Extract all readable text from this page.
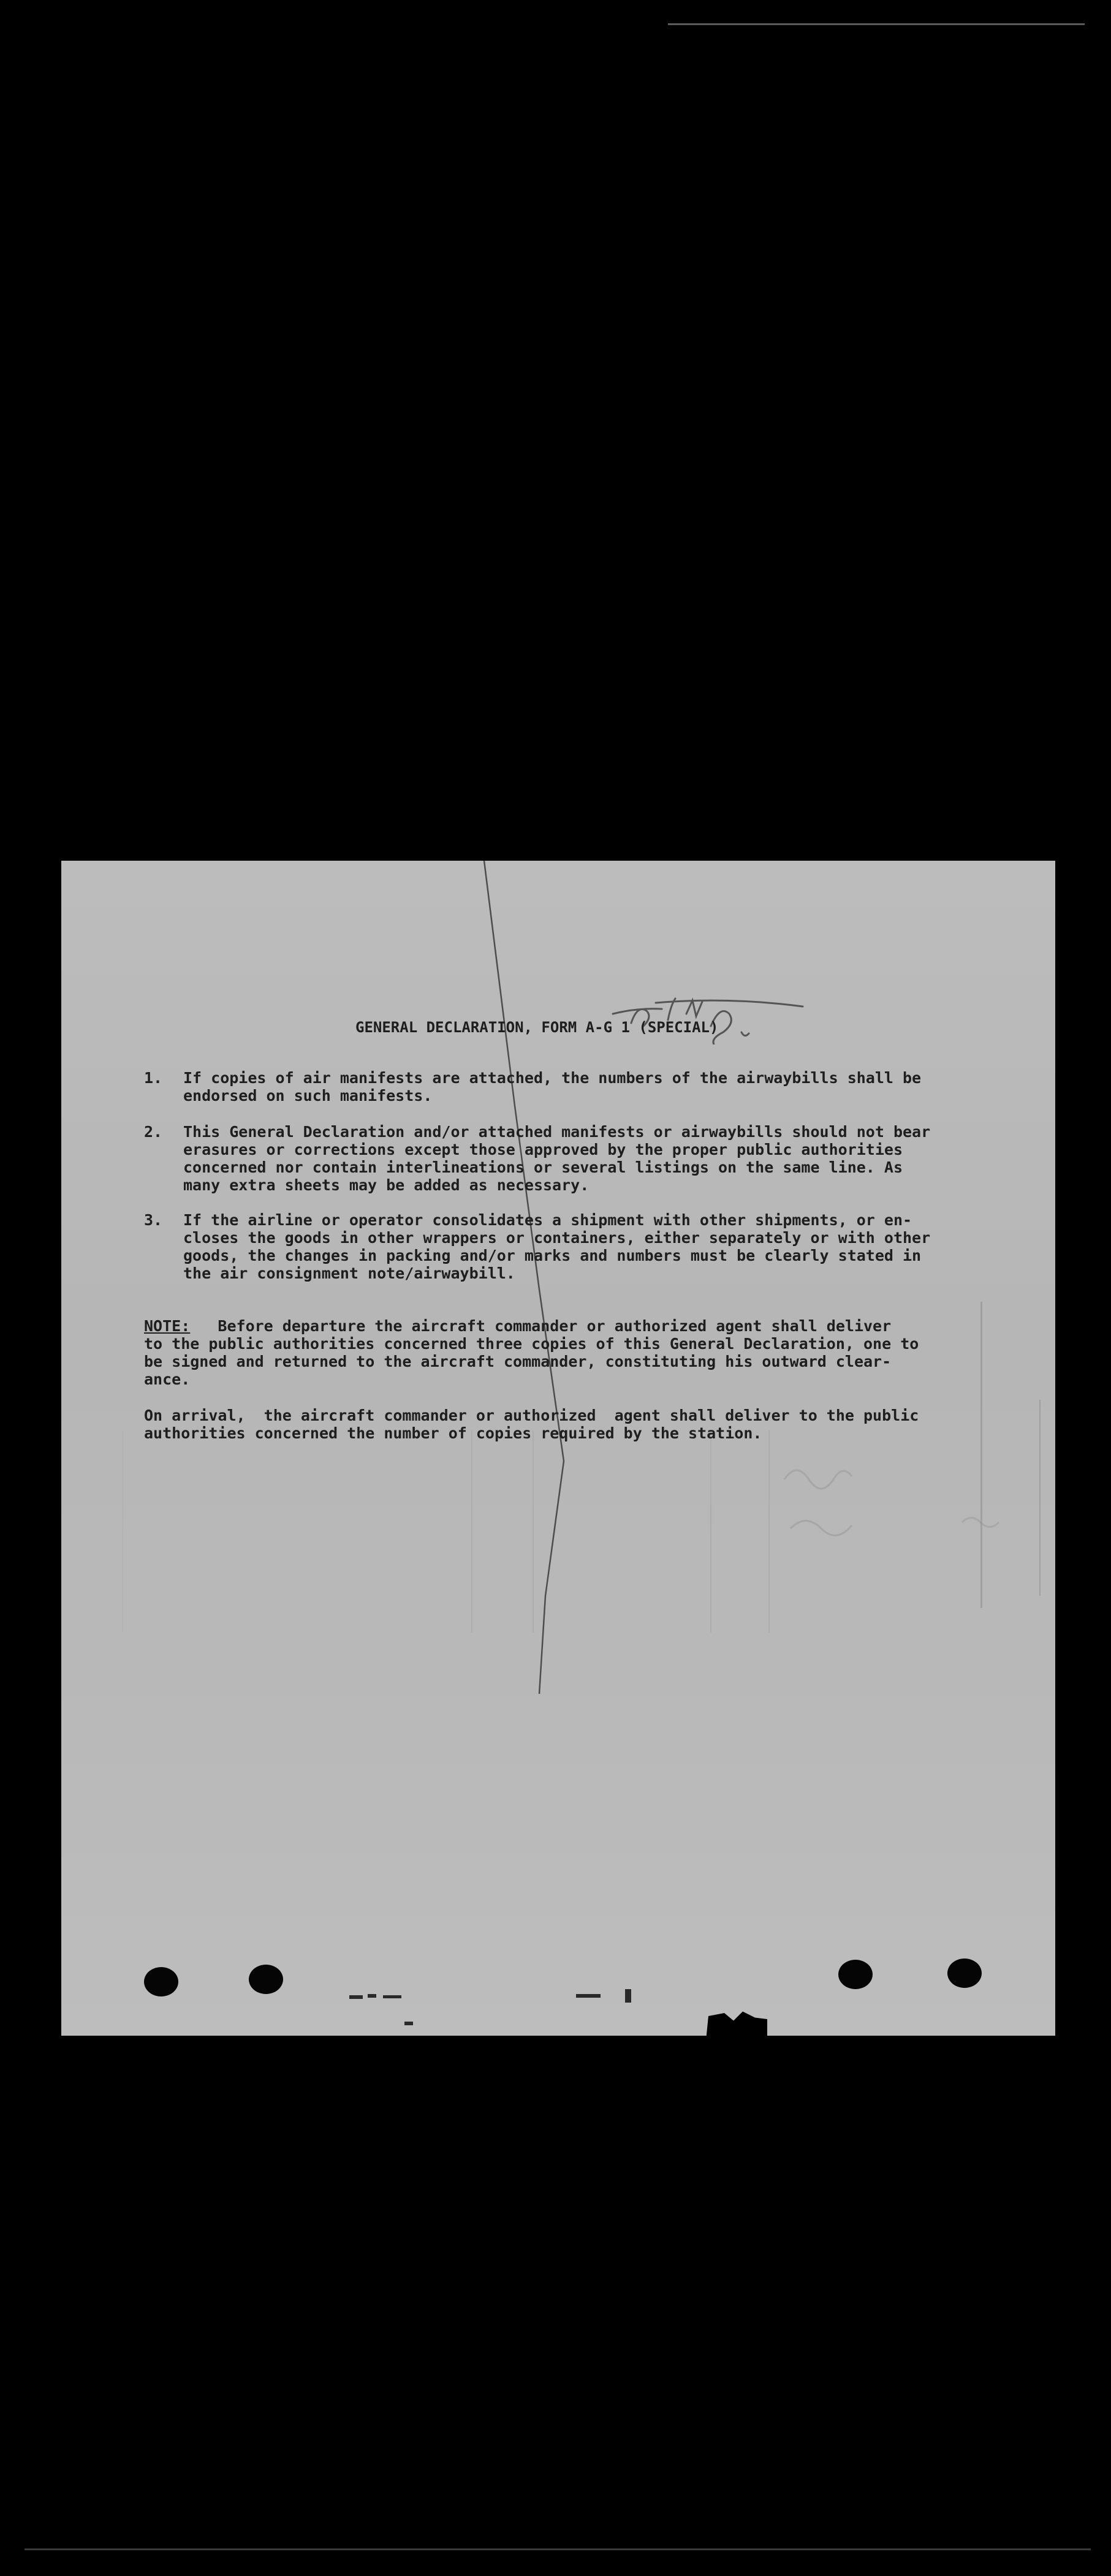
GENERAL DECLARATION, FORM A-G 1 (SPECIAL)
1.	If copies of air manifests are attached, the numbers of the airwaybills shall be
endorsed on such manifests.
2.	This General Declaration and/or attached manifests or airwaybills should not bear
erasures or corrections except those approved by the proper public authorities
concerned nor contain interlineations or several listings on the same line. As
many extra sheets may be added as necessary.
3.	If the airline or operator consolidates a shipment with other shipments, or en-
closes the goods in other wrappers or containers, either separately or with other
goods, the changes in packing and/or marks and numbers must be clearly stated in
the air consignment note/airwaybill.
NOTE:   Before departure the aircraft commander or authorized agent shall deliver
to the public authorities concerned three copies of this General Declaration, one to
be signed and returned to the aircraft commander, constituting his outward clear-
ance.
On arrival,  the aircraft commander or authorized  agent shall deliver to the public
authorities concerned the number of copies required by the station.
